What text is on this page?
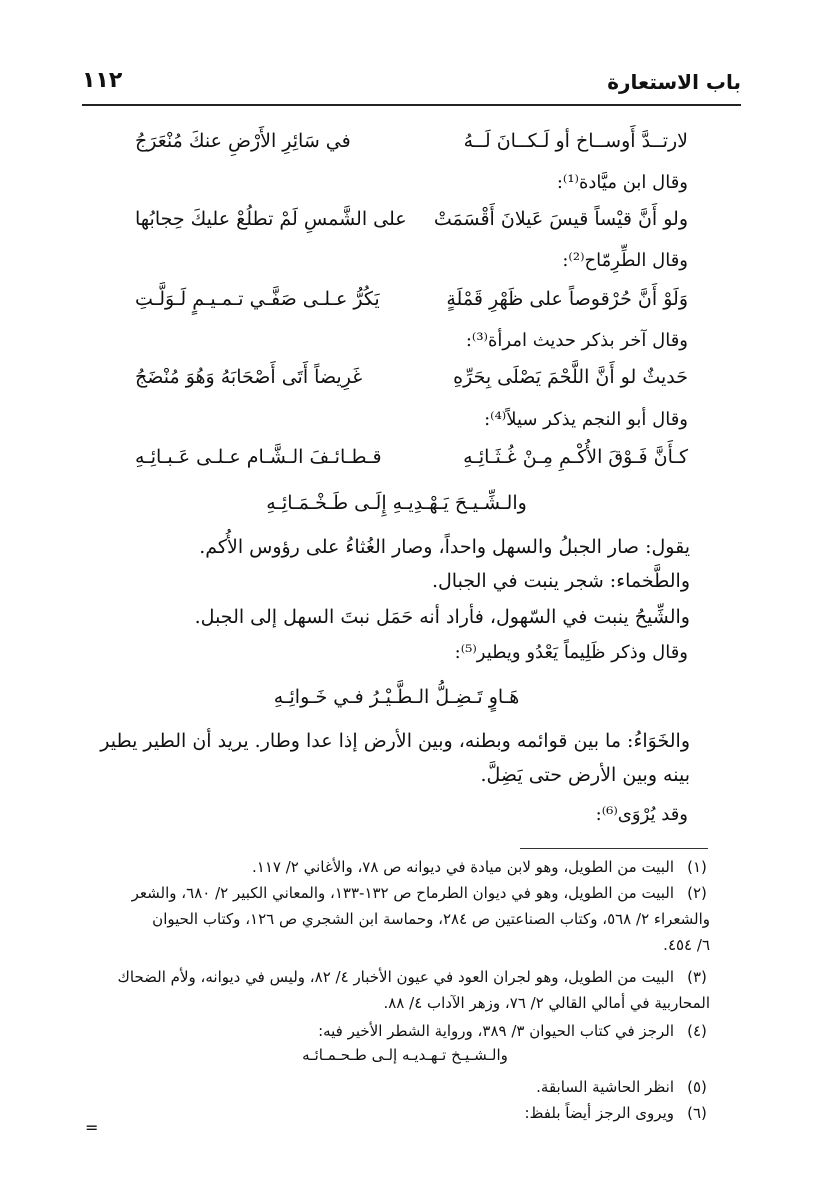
باب الاستعارة
١١٢
لارتــدَّ أَوســاخ أو لَـكــانَ لَــهُ
في سَائِرِ الأَرْضِ عنكَ مُنْعَرَجُ
وقال ابن ميَّادة⁽¹⁾:
ولو أَنَّ قيْساً قيسَ عَيلانَ أَقْسَمَتْ
على الشَّمسِ لَمْ تطلُعْ عليكَ حِجابُها
وقال الطِّرِمّاح⁽²⁾:
وَلَوْ أَنَّ حُرْقوصاً على ظَهْرِ قَمْلَةٍ
يَكُرُّ عـلـى صَفَّـي تـمـيـمٍ لَـوَلَّـتِ
وقال آخر بذكر حديث امرأة⁽³⁾:
حَديثٌ لو أَنَّ اللَّحْمَ يَصْلَى بِحَرِّهِ
غَرِيضاً أَتَى أَصْحَابَهُ وَهُوَ مُنْضَجُ
وقال أبو النجم يذكر سيلاً⁽⁴⁾:
كـأَنَّ فَـوْقَ الأُكْـمِ مِـنْ غُـثَـائِـهِ
قـطـائـفَ الـشَّـام عـلـى عَـبـائِـهِ
والـشِّـيـحَ يَـهْـدِيـهِ إِلَـى طَـخْـمَـائِـهِ
يقول: صار الجبلُ والسهل واحداً، وصار الغُثاءُ على رؤوس الأُكم.
والطَّخماء: شجر ينبت في الجبال.
والشِّيحُ ينبت في السّهول، فأراد أنه حَمَل نبتَ السهل إلى الجبل.
وقال وذكر ظَلِيماً يَعْدُو ويطير⁽⁵⁾:
هَـاوٍ تَـضِـلُّ الـطَّـيْـرُ فـي خَـوائِـهِ
والخَوَاءُ: ما بين قوائمه وبطنه، وبين الأرض إذا عدا وطار. يريد أن الطير يطير
بينه وبين الأرض حتى يَضِلَّ.
وقد يُرْوَى⁽⁶⁾:
(١)
البيت من الطويل، وهو لابن ميادة في ديوانه ص ٧٨، والأغاني ٢/ ١١٧.
(٢)
البيت من الطويل، وهو في ديوان الطرماح ص ١٣٢-١٣٣، والمعاني الكبير ٢/ ٦٨٠، والشعر
والشعراء ٢/ ٥٦٨، وكتاب الصناعتين ص ٢٨٤، وحماسة ابن الشجري ص ١٢٦، وكتاب الحيوان
٦/ ٤٥٤.
(٣)
البيت من الطويل، وهو لجران العود في عيون الأخبار ٤/ ٨٢، وليس في ديوانه، ولأم الضحاك
المحاربية في أمالي القالي ٢/ ٧٦، وزهر الآداب ٤/ ٨٨.
(٤)
الرجز في كتاب الحيوان ٣/ ٣٨٩، ورواية الشطر الأخير فيه:
والـشـيـخ تـهـديـه إلـى طـحـمـائـه
(٥)
انظر الحاشية السابقة.
(٦)
ويروى الرجز أيضاً بلفظ:
=
